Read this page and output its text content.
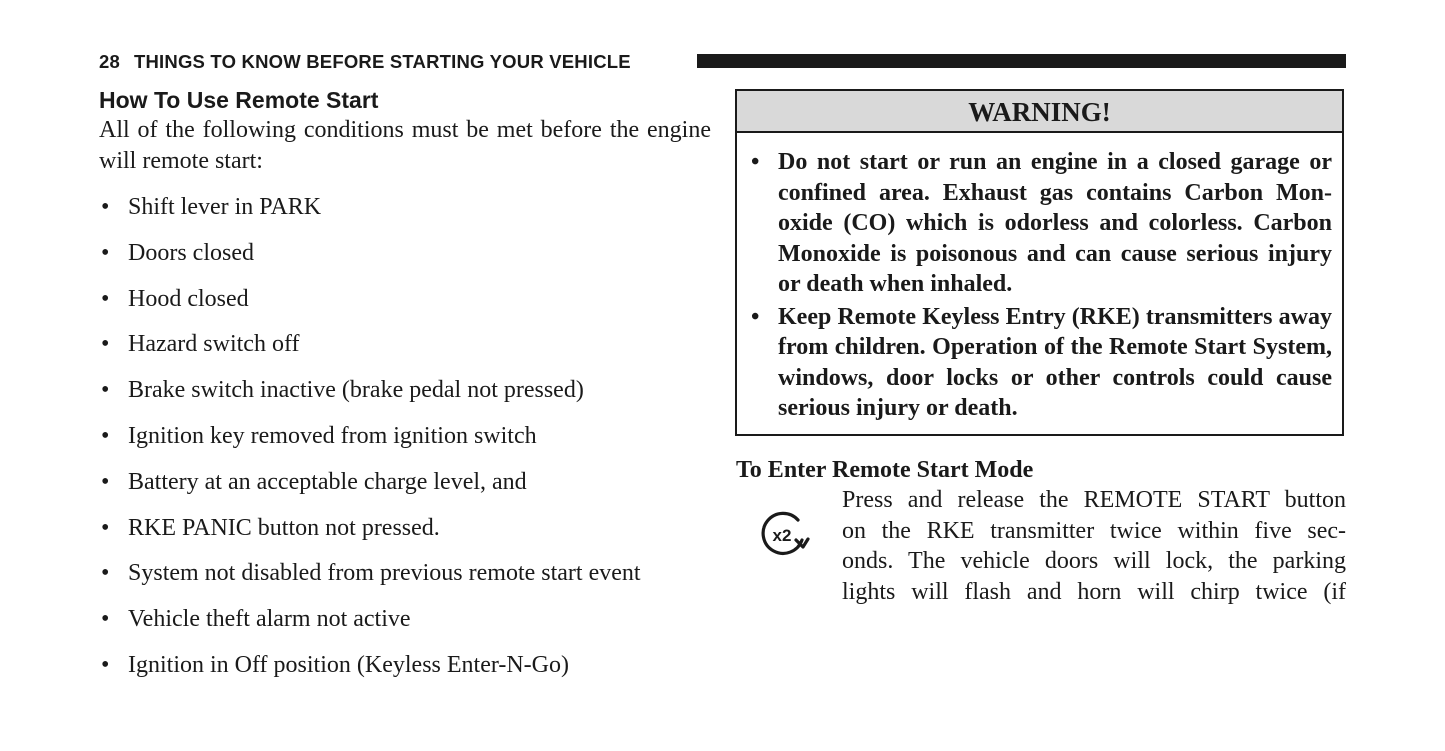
28 THINGS TO KNOW BEFORE STARTING YOUR VEHICLE
How To Use Remote Start

All of the following conditions must be met before the engine will remote start:

• Shift lever in PARK
• Doors closed
• Hood closed
• Hazard switch off
• Brake switch inactive (brake pedal not pressed)
• Ignition key removed from ignition switch
• Battery at an acceptable charge level, and
• RKE PANIC button not pressed.
• System not disabled from previous remote start event
• Vehicle theft alarm not active
• Ignition in Off position (Keyless Enter-N-Go)
WARNING!
• Do not start or run an engine in a closed garage or confined area. Exhaust gas contains Carbon Monoxide (CO) which is odorless and colorless. Carbon Monoxide is poisonous and can cause serious injury or death when inhaled.
• Keep Remote Keyless Entry (RKE) transmitters away from children. Operation of the Remote Start System, windows, door locks or other controls could cause serious injury or death.
To Enter Remote Start Mode
x2
Press and release the REMOTE START button
on the RKE transmitter twice within five sec-
onds. The vehicle doors will lock, the parking
lights will flash and horn will chirp twice (if
